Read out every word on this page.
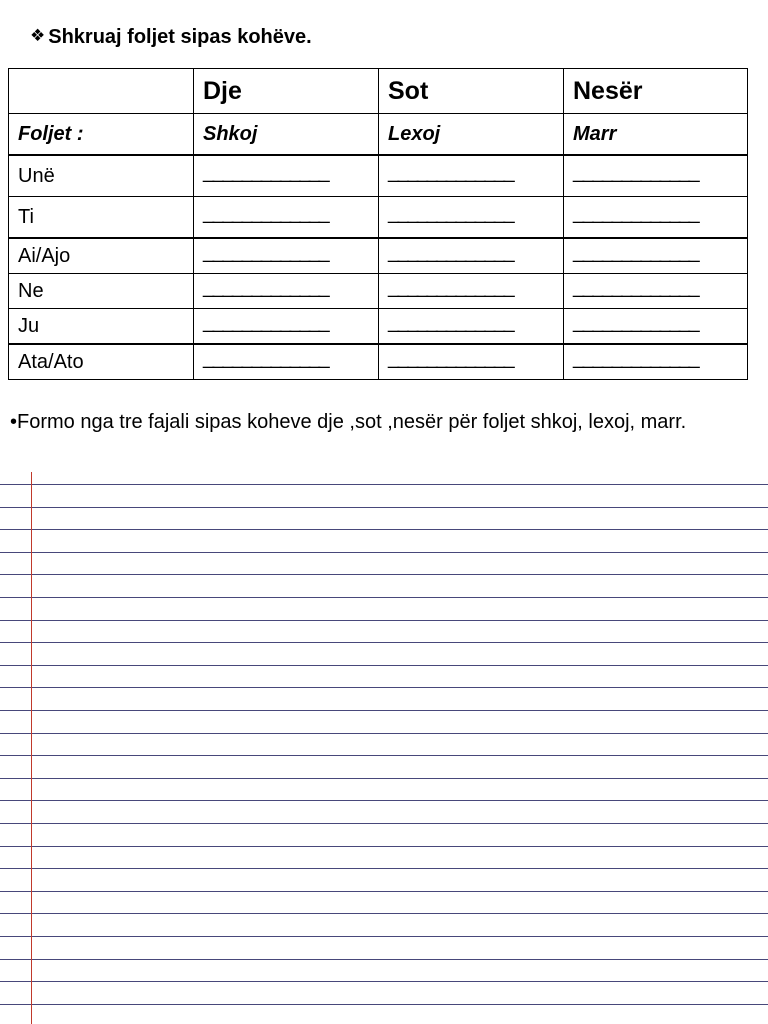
❖ Shkruaj foljet sipas kohëve.
	Dje	Sot	Nesër
Foljet :	Shkoj	Lexoj	Marr
Unë	_____________	_____________	_____________
Ti	_____________	_____________	_____________
Ai/Ajo	_____________	_____________	_____________
Ne	_____________	_____________	_____________
Ju	_____________	_____________	_____________
Ata/Ato	_____________	_____________	_____________
•Formo nga tre fajali sipas koheve dje ,sot ,nesër për foljet shkoj, lexoj, marr.
